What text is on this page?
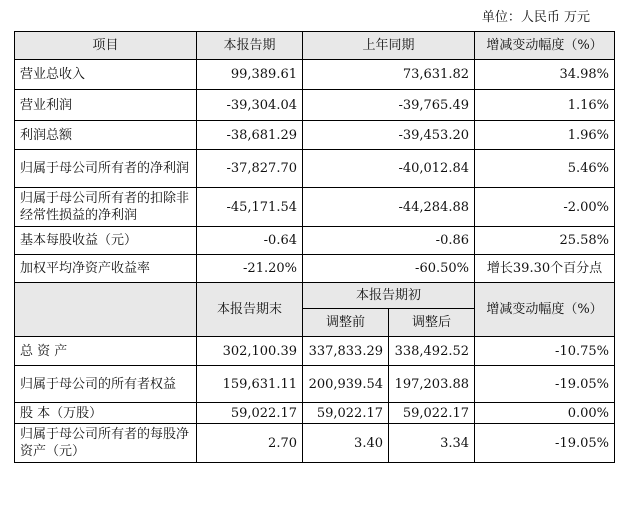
单位：人民币 万元
项目	本报告期	上年同期		增减变动幅度（%）
营业总收入	99,389.61	73,631.82		34.98%
营业利润	-39,304.04	-39,765.49		1.16%
利润总额	-38,681.29	-39,453.20		1.96%
归属于母公司所有者的净利润	-37,827.70	-40,012.84		5.46%
归属于母公司所有者的扣除非经常性损益的净利润	-45,171.54	-44,284.88		-2.00%
基本每股收益（元）	-0.64	-0.86		25.58%
加权平均净资产收益率	-21.20%	-60.50%		增长39.30个百分点
	本报告期末	本报告期初		增减变动幅度（%）
		调整前	调整后	
总 资 产	302,100.39	337,833.29	338,492.52	-10.75%
归属于母公司的所有者权益	159,631.11	200,939.54	197,203.88	-19.05%
股 本（万股）	59,022.17	59,022.17	59,022.17	0.00%
归属于母公司所有者的每股净资产（元）	2.70	3.40	3.34	-19.05%
